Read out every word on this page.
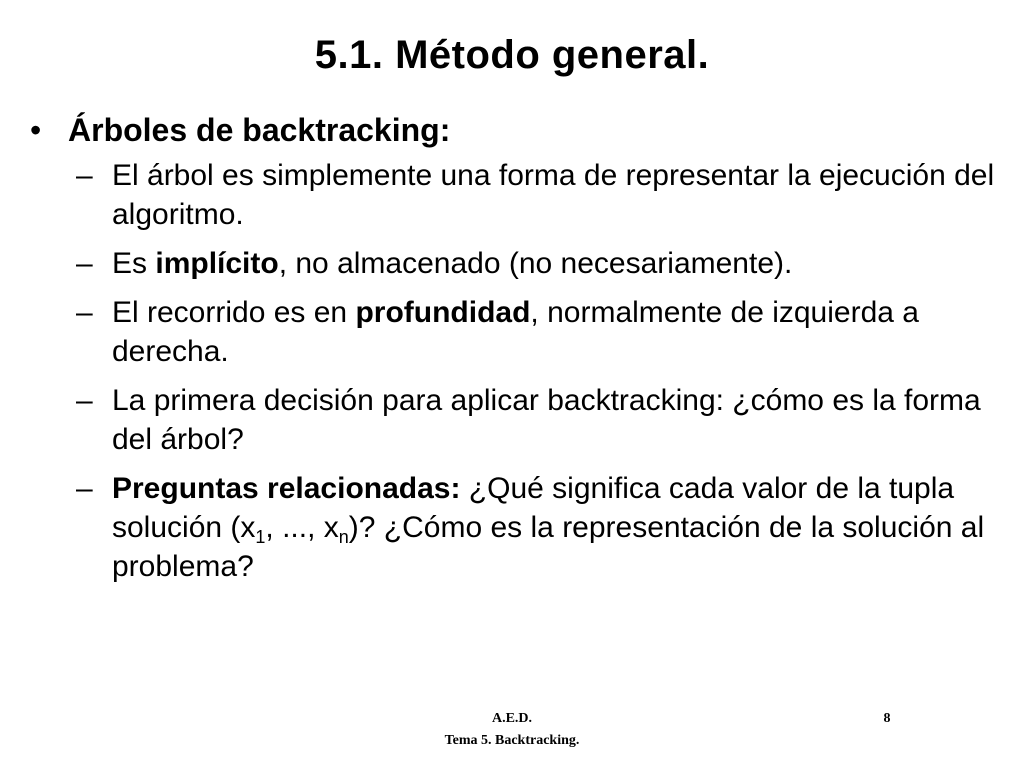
5.1. Método general.
• Árboles de backtracking:
– El árbol es simplemente una forma de representar la ejecución del algoritmo.
– Es implícito, no almacenado (no necesariamente).
– El recorrido es en profundidad, normalmente de izquierda a derecha.
– La primera decisión para aplicar backtracking: ¿cómo es la forma del árbol?
– Preguntas relacionadas: ¿Qué significa cada valor de la tupla solución ($x_1$, ..., $x_n$)? ¿Cómo es la representación de la solución al problema?
A.E.D.
Tema 5. Backtracking.
8
